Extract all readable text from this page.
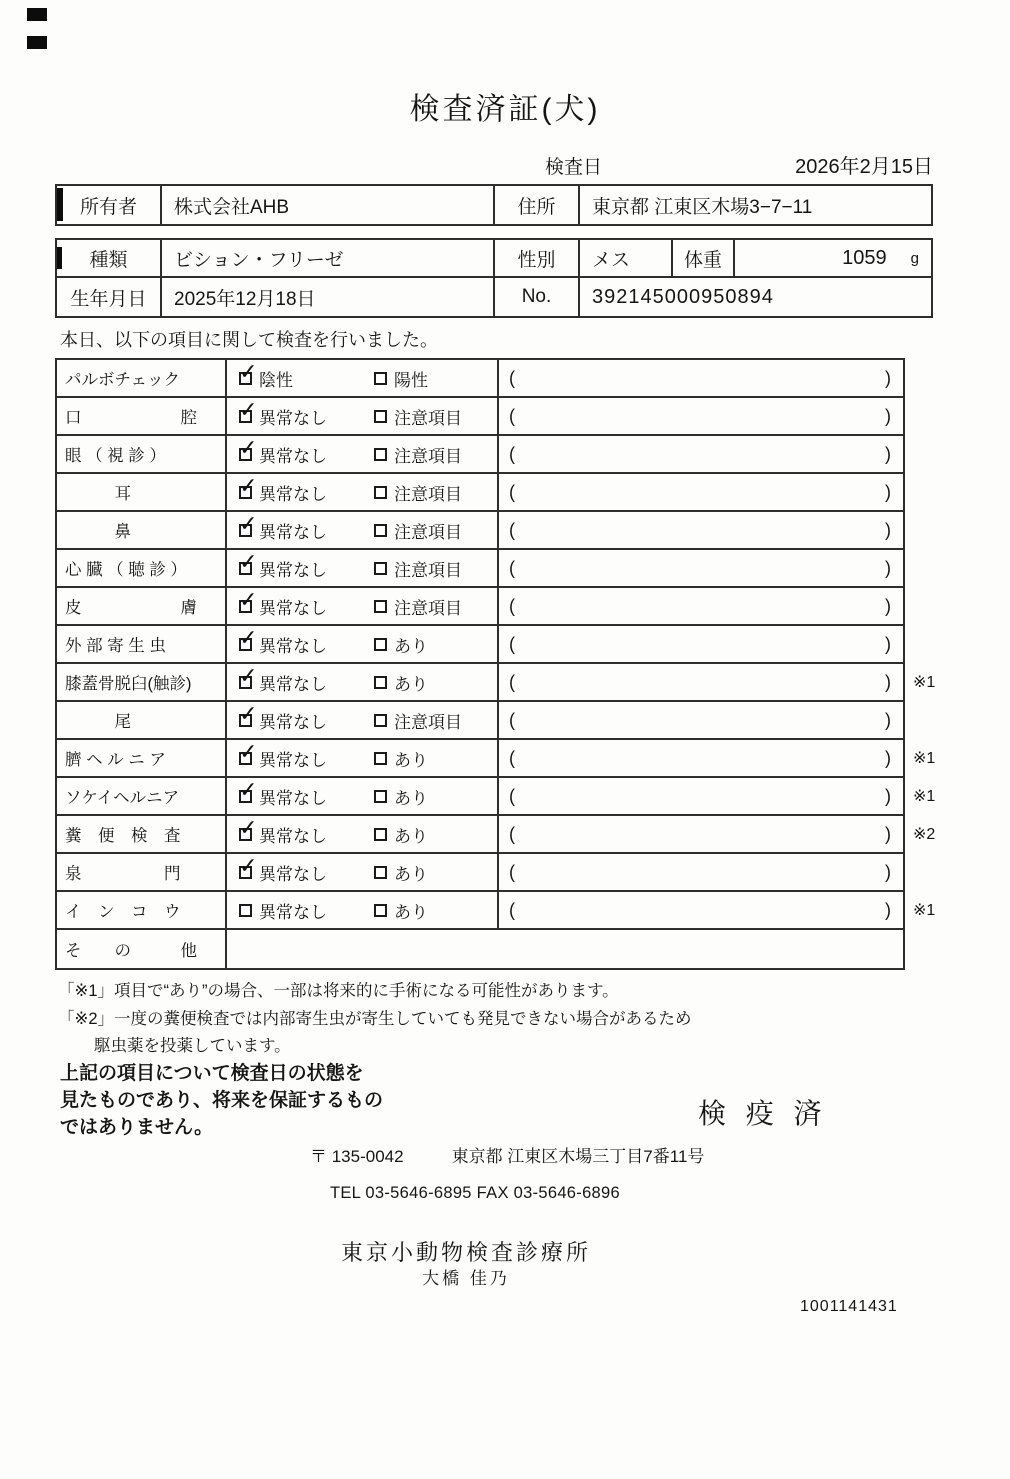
検査済証(犬)
検査日	2026年2月15日
所有者	株式会社AHB	住所	東京都 江東区木場3−7−11
種類	ビション・フリーゼ	性別	メス	体重	1059 g
生年月日	2025年12月18日	No.	392145000950894
本日、以下の項目に関して検査を行いました。
パルボチェック ✓	陰性	陽性	(	)
口　　　　　　腔 ✓	異常なし	注意項目	(	)
眼 （ 視 診 ） ✓	異常なし	注意項目	(	)
　　　耳 ✓	異常なし	注意項目	(	)
　　　鼻 ✓	異常なし	注意項目	(	)
心 臓 （ 聴 診 ） ✓	異常なし	注意項目	(	)
皮　　　　　　膚 ✓	異常なし	注意項目	(	)
外 部 寄 生 虫 ✓	異常なし	あり	(	)
膝蓋骨脱臼(触診) ✓	異常なし	あり	(	) ※1
　　　尾 ✓	異常なし	注意項目	(	)
臍 ヘ ル ニ ア ✓	異常なし	あり	(	) ※1
ソケイヘルニア ✓	異常なし	あり	(	) ※1
糞　便　検　査 ✓	異常なし	あり	(	) ※2
泉　　　　　門 ✓	異常なし	あり	(	)
イ　ン　コ　ウ	異常なし	あり	(	) ※1
そ　　の　　　他
「※1」項目で“あり”の場合、一部は将来的に手術になる可能性があります。
「※2」一度の糞便検査では内部寄生虫が寄生していても発見できない場合があるため
駆虫薬を投薬しています。
上記の項目について検査日の状態を
見たものであり、将来を保証するもの
ではありません。	検 疫 済
〒 135-0042	東京都 江東区木場三丁目7番11号
TEL 03-5646-6895 FAX 03-5646-6896
東京小動物検査診療所
大橋 佳乃
1001141431
